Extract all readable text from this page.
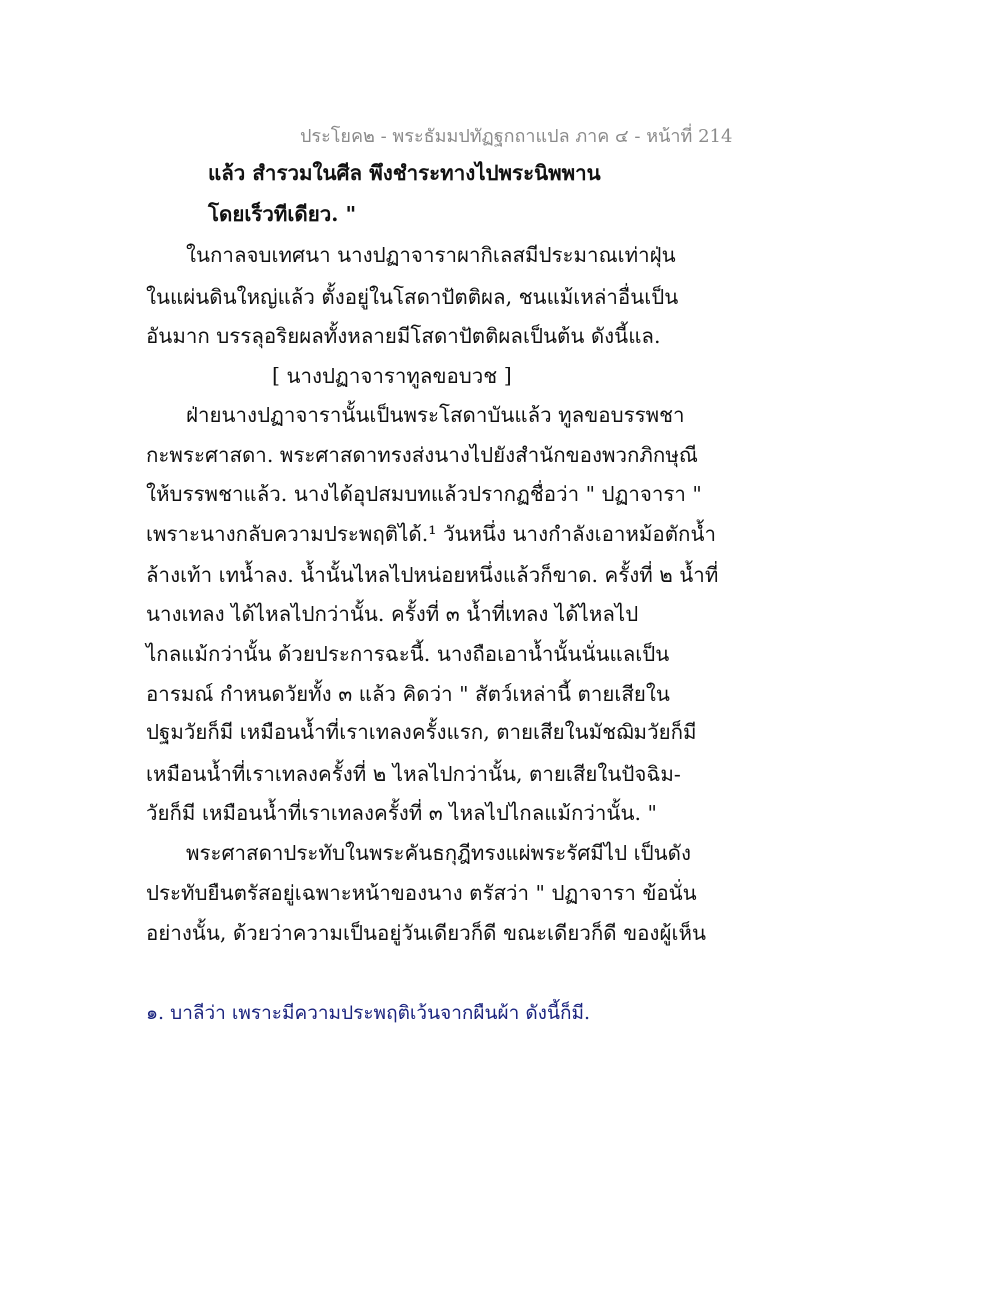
ประโยค๒ - พระธัมมปทัฏฐกถาแปล ภาค ๔ - หน้าที่ 214
แล้ว สำรวมในศีล พึงชำระทางไปพระนิพพาน
โดยเร็วทีเดียว. "
ในกาลจบเทศนา นางปฏาจาราผากิเลสมีประมาณเท่าฝุ่น
ในแผ่นดินใหญ่แล้ว ตั้งอยู่ในโสดาปัตติผล, ชนแม้เหล่าอื่นเป็น
อันมาก บรรลุอริยผลทั้งหลายมีโสดาปัตติผลเป็นต้น ดังนี้แล.
[ นางปฏาจาราทูลขอบวช ]
ฝ่ายนางปฏาจารานั้นเป็นพระโสดาบันแล้ว ทูลขอบรรพชา
กะพระศาสดา. พระศาสดาทรงส่งนางไปยังสำนักของพวกภิกษุณี
ให้บรรพชาแล้ว. นางได้อุปสมบทแล้วปรากฏชื่อว่า " ปฏาจารา "
เพราะนางกลับความประพฤติได้.¹ วันหนึ่ง นางกำลังเอาหม้อตักน้ำ
ล้างเท้า เทน้ำลง. น้ำนั้นไหลไปหน่อยหนึ่งแล้วก็ขาด. ครั้งที่ ๒ น้ำที่
นางเทลง ได้ไหลไปกว่านั้น. ครั้งที่ ๓ น้ำที่เทลง ได้ไหลไป
ไกลแม้กว่านั้น ด้วยประการฉะนี้. นางถือเอาน้ำนั้นนั่นแลเป็น
อารมณ์ กำหนดวัยทั้ง ๓ แล้ว คิดว่า " สัตว์เหล่านี้ ตายเสียใน
ปฐมวัยก็มี เหมือนน้ำที่เราเทลงครั้งแรก, ตายเสียในมัชฌิมวัยก็มี
เหมือนน้ำที่เราเทลงครั้งที่ ๒ ไหลไปกว่านั้น, ตายเสียในปัจฉิม-
วัยก็มี เหมือนน้ำที่เราเทลงครั้งที่ ๓ ไหลไปไกลแม้กว่านั้น. "
พระศาสดาประทับในพระคันธกุฎีทรงแผ่พระรัศมีไป เป็นดัง
ประทับยืนตรัสอยู่เฉพาะหน้าของนาง ตรัสว่า " ปฏาจารา ข้อนั่น
อย่างนั้น, ด้วยว่าความเป็นอยู่วันเดียวก็ดี ขณะเดียวก็ดี ของผู้เห็น
๑. บาลีว่า เพราะมีความประพฤติเว้นจากผืนผ้า ดังนี้ก็มี.
